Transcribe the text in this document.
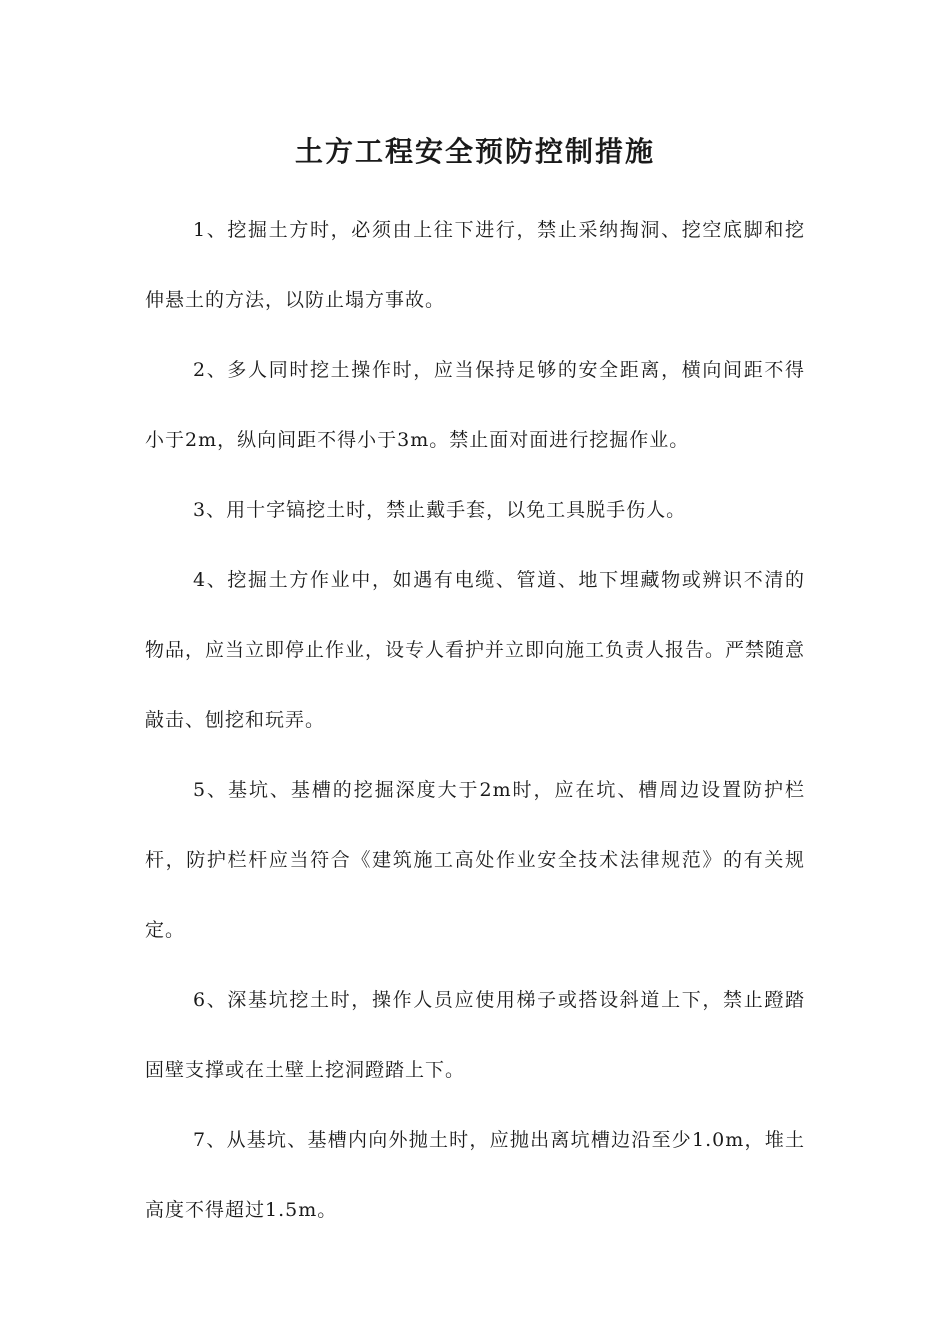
土方工程安全预防控制措施

1、挖掘土方时，必须由上往下进行，禁止采纳掏洞、挖空底脚和挖伸悬土的方法，以防止塌方事故。

2、多人同时挖土操作时，应当保持足够的安全距离，横向间距不得小于2m，纵向间距不得小于3m。禁止面对面进行挖掘作业。

3、用十字镐挖土时，禁止戴手套，以免工具脱手伤人。

4、挖掘土方作业中，如遇有电缆、管道、地下埋藏物或辨识不清的物品，应当立即停止作业，设专人看护并立即向施工负责人报告。严禁随意敲击、刨挖和玩弄。

5、基坑、基槽的挖掘深度大于2m时，应在坑、槽周边设置防护栏杆，防护栏杆应当符合《建筑施工高处作业安全技术法律规范》的有关规定。

6、深基坑挖土时，操作人员应使用梯子或搭设斜道上下，禁止蹬踏固壁支撑或在土壁上挖洞蹬踏上下。

7、从基坑、基槽内向外抛土时，应抛出离坑槽边沿至少1.0m，堆土高度不得超过1.5m。
